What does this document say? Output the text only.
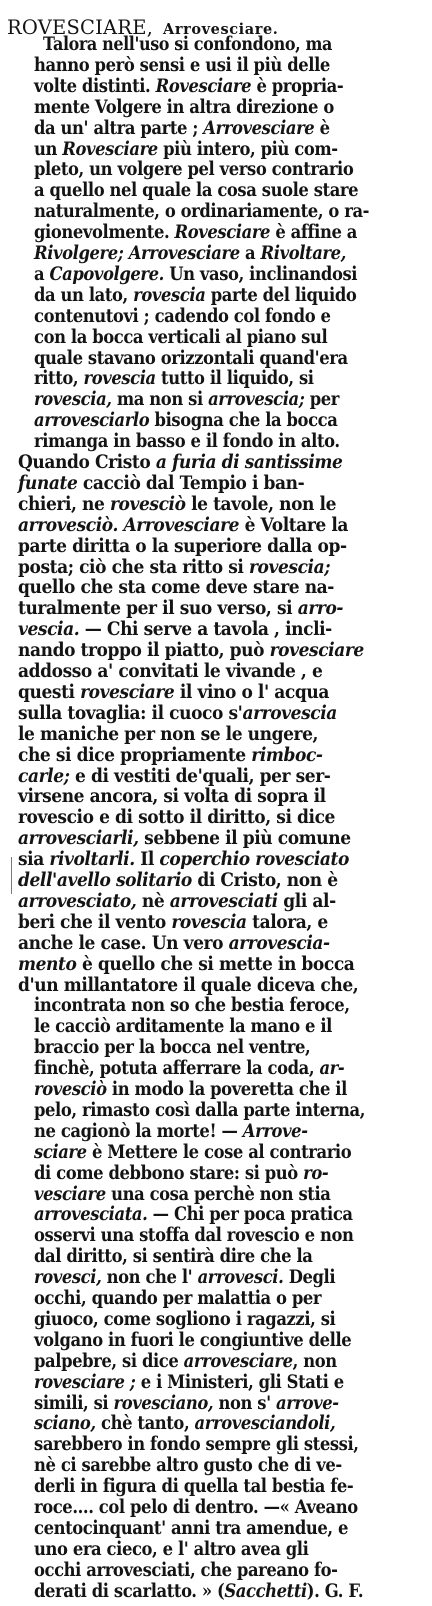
ROVESCIARE, Arrovesciare.
Talora nell'uso si confondono, ma
hanno però sensi e usi il più delle
volte distinti. Rovesciare è propria-
mente Volgere in altra direzione o
da un' altra parte ; Arrovesciare è
un Rovesciare più intero, più com-
pleto, un volgere pel verso contrario
a quello nel quale la cosa suole stare
naturalmente, o ordinariamente, o ra-
gionevolmente. Rovesciare è affine a
Rivolgere; Arrovesciare a Rivoltare,
a Capovolgere. Un vaso, inclinandosi
da un lato, rovescia parte del liquido
contenutovi ; cadendo col fondo e
con la bocca verticali al piano sul
quale stavano orizzontali quand'era
ritto, rovescia tutto il liquido, si
rovescia, ma non si arrovescia; per
arrovesciarlo bisogna che la bocca
rimanga in basso e il fondo in alto.
Quando Cristo a furia di santissime
funate cacciò dal Tempio i ban-
chieri, ne rovesciò le tavole, non le
arrovesciò. Arrovesciare è Voltare la
parte diritta o la superiore dalla op-
posta; ciò che sta ritto si rovescia;
quello che sta come deve stare na-
turalmente per il suo verso, si arro-
vescia. — Chi serve a tavola , incli-
nando troppo il piatto, può rovesciare
addosso a' convitati le vivande , e
questi rovesciare il vino o l' acqua
sulla tovaglia: il cuoco s'arrovescia
le maniche per non se le ungere,
che si dice propriamente rimboc-
carle; e di vestiti de'quali, per ser-
virsene ancora, si volta di sopra il
rovescio e di sotto il diritto, si dice
arrovesciarli, sebbene il più comune
sia rivoltarli. Il coperchio rovesciato
dell'avello solitario di Cristo, non è
arrovesciato, nè arrovesciati gli al-
beri che il vento rovescia talora, e
anche le case. Un vero arrovescia-
mento è quello che si mette in bocca
d'un millantatore il quale diceva che,
incontrata non so che bestia feroce,
le cacciò arditamente la mano e il
braccio per la bocca nel ventre,
finchè, potuta afferrare la coda, ar-
rovesciò in modo la poveretta che il
pelo, rimasto così dalla parte interna,
ne cagionò la morte! — Arrove-
sciare è Mettere le cose al contrario
di come debbono stare: si può ro-
vesciare una cosa perchè non stia
arrovesciata. — Chi per poca pratica
osservi una stoffa dal rovescio e non
dal diritto, si sentirà dire che la
rovesci, non che l' arrovesci. Degli
occhi, quando per malattia o per
giuoco, come sogliono i ragazzi, si
volgano in fuori le congiuntive delle
palpebre, si dice arrovesciare, non
rovesciare ; e i Ministeri, gli Stati e
simili, si rovesciano, non s' arrove-
sciano, chè tanto, arrovesciandoli,
sarebbero in fondo sempre gli stessi,
nè ci sarebbe altro gusto che di ve-
derli in figura di quella tal bestia fe-
roce.... col pelo di dentro. —« Aveano
centocinquant' anni tra amendue, e
uno era cieco, e l' altro avea gli
occhi arrovesciati, che pareano fo-
derati di scarlatto. » (Sacchetti). G. F.
